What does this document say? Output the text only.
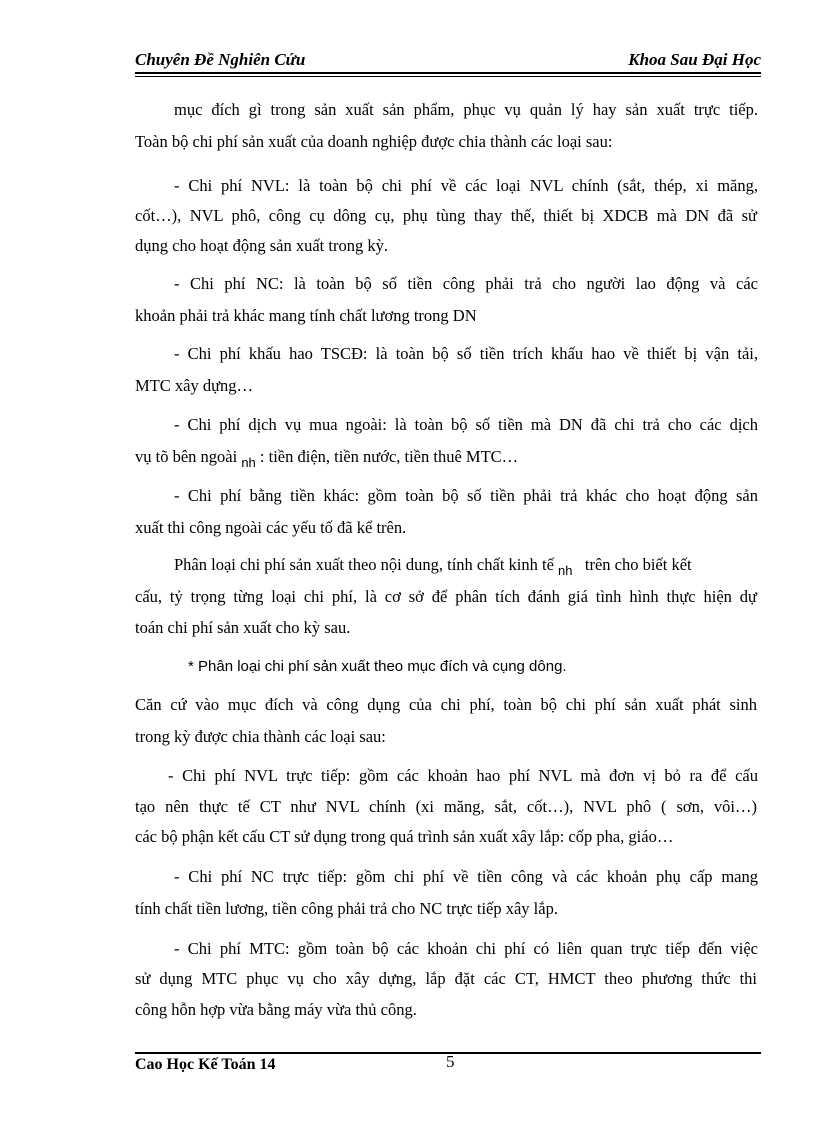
Chuyên Đề Nghiên Cứu	Khoa Sau Đại Học
mục đích gì trong sản xuất sản phẩm, phục vụ quản lý hay sản xuất trực tiếp.
Toàn bộ chi phí sản xuất của doanh nghiệp được chia thành các loại sau:
- Chi phí NVL: là toàn bộ chi phí về các loại NVL chính (sắt, thép, xi măng,
cốt…), NVL phô, công cụ dông cụ, phụ tùng thay thế, thiết bị XDCB mà DN đã sử
dụng cho hoạt động sản xuất trong kỳ.
- Chi phí NC: là toàn bộ số tiền công phải trả cho người lao động và các
khoản phải trả khác mang tính chất lương trong DN
- Chi phí khấu hao TSCĐ: là toàn bộ số tiền trích khấu hao về thiết bị vận tải,
MTC xây dựng…
- Chi phí dịch vụ mua ngoài: là toàn bộ số tiền mà DN đã chi trả cho các dịch
vụ tõ bên ngoài $_{nh}$ : tiền điện, tiền nước, tiền thuê MTC…
- Chi phí bằng tiền khác: gồm toàn bộ số tiền phải trả khác cho hoạt động sản
xuất thi công ngoài các yếu tố đã kể trên.
Phân loại chi phí sản xuất theo nội dung, tính chất kinh tế $_{nh}$ trên cho biết kết
cấu, tỷ trọng từng loại chi phí, là cơ sở để phân tích đánh giá tình hình thực hiện dự
toán chi phí sản xuất cho kỳ sau.
* Phân loại chi phí sản xuất theo mục đích và cụng dông.
Căn cứ vào mục đích và công dụng của chi phí, toàn bộ chi phí sản xuất phát sinh
trong kỳ được chia thành các loại sau:
- Chi phí NVL trực tiếp: gồm các khoản hao phí NVL mà đơn vị bỏ ra để cấu
tạo nên thực tế CT như NVL chính (xi măng, sắt, cốt…), NVL phô ( sơn, vôi…)
các bộ phận kết cấu CT sử dụng trong quá trình sản xuất xây lắp: cốp pha, giáo…
- Chi phí NC trực tiếp: gồm chi phí về tiền công và các khoản phụ cấp mang
tính chất tiền lương, tiền công phải trả cho NC trực tiếp xây lắp.
- Chi phí MTC: gồm toàn bộ các khoản chi phí có liên quan trực tiếp đến việc
sử dụng MTC phục vụ cho xây dựng, lắp đặt các CT, HMCT theo phương thức thi
công hỗn hợp vừa bằng máy vừa thủ công.
Cao Học Kế Toán 14	5
